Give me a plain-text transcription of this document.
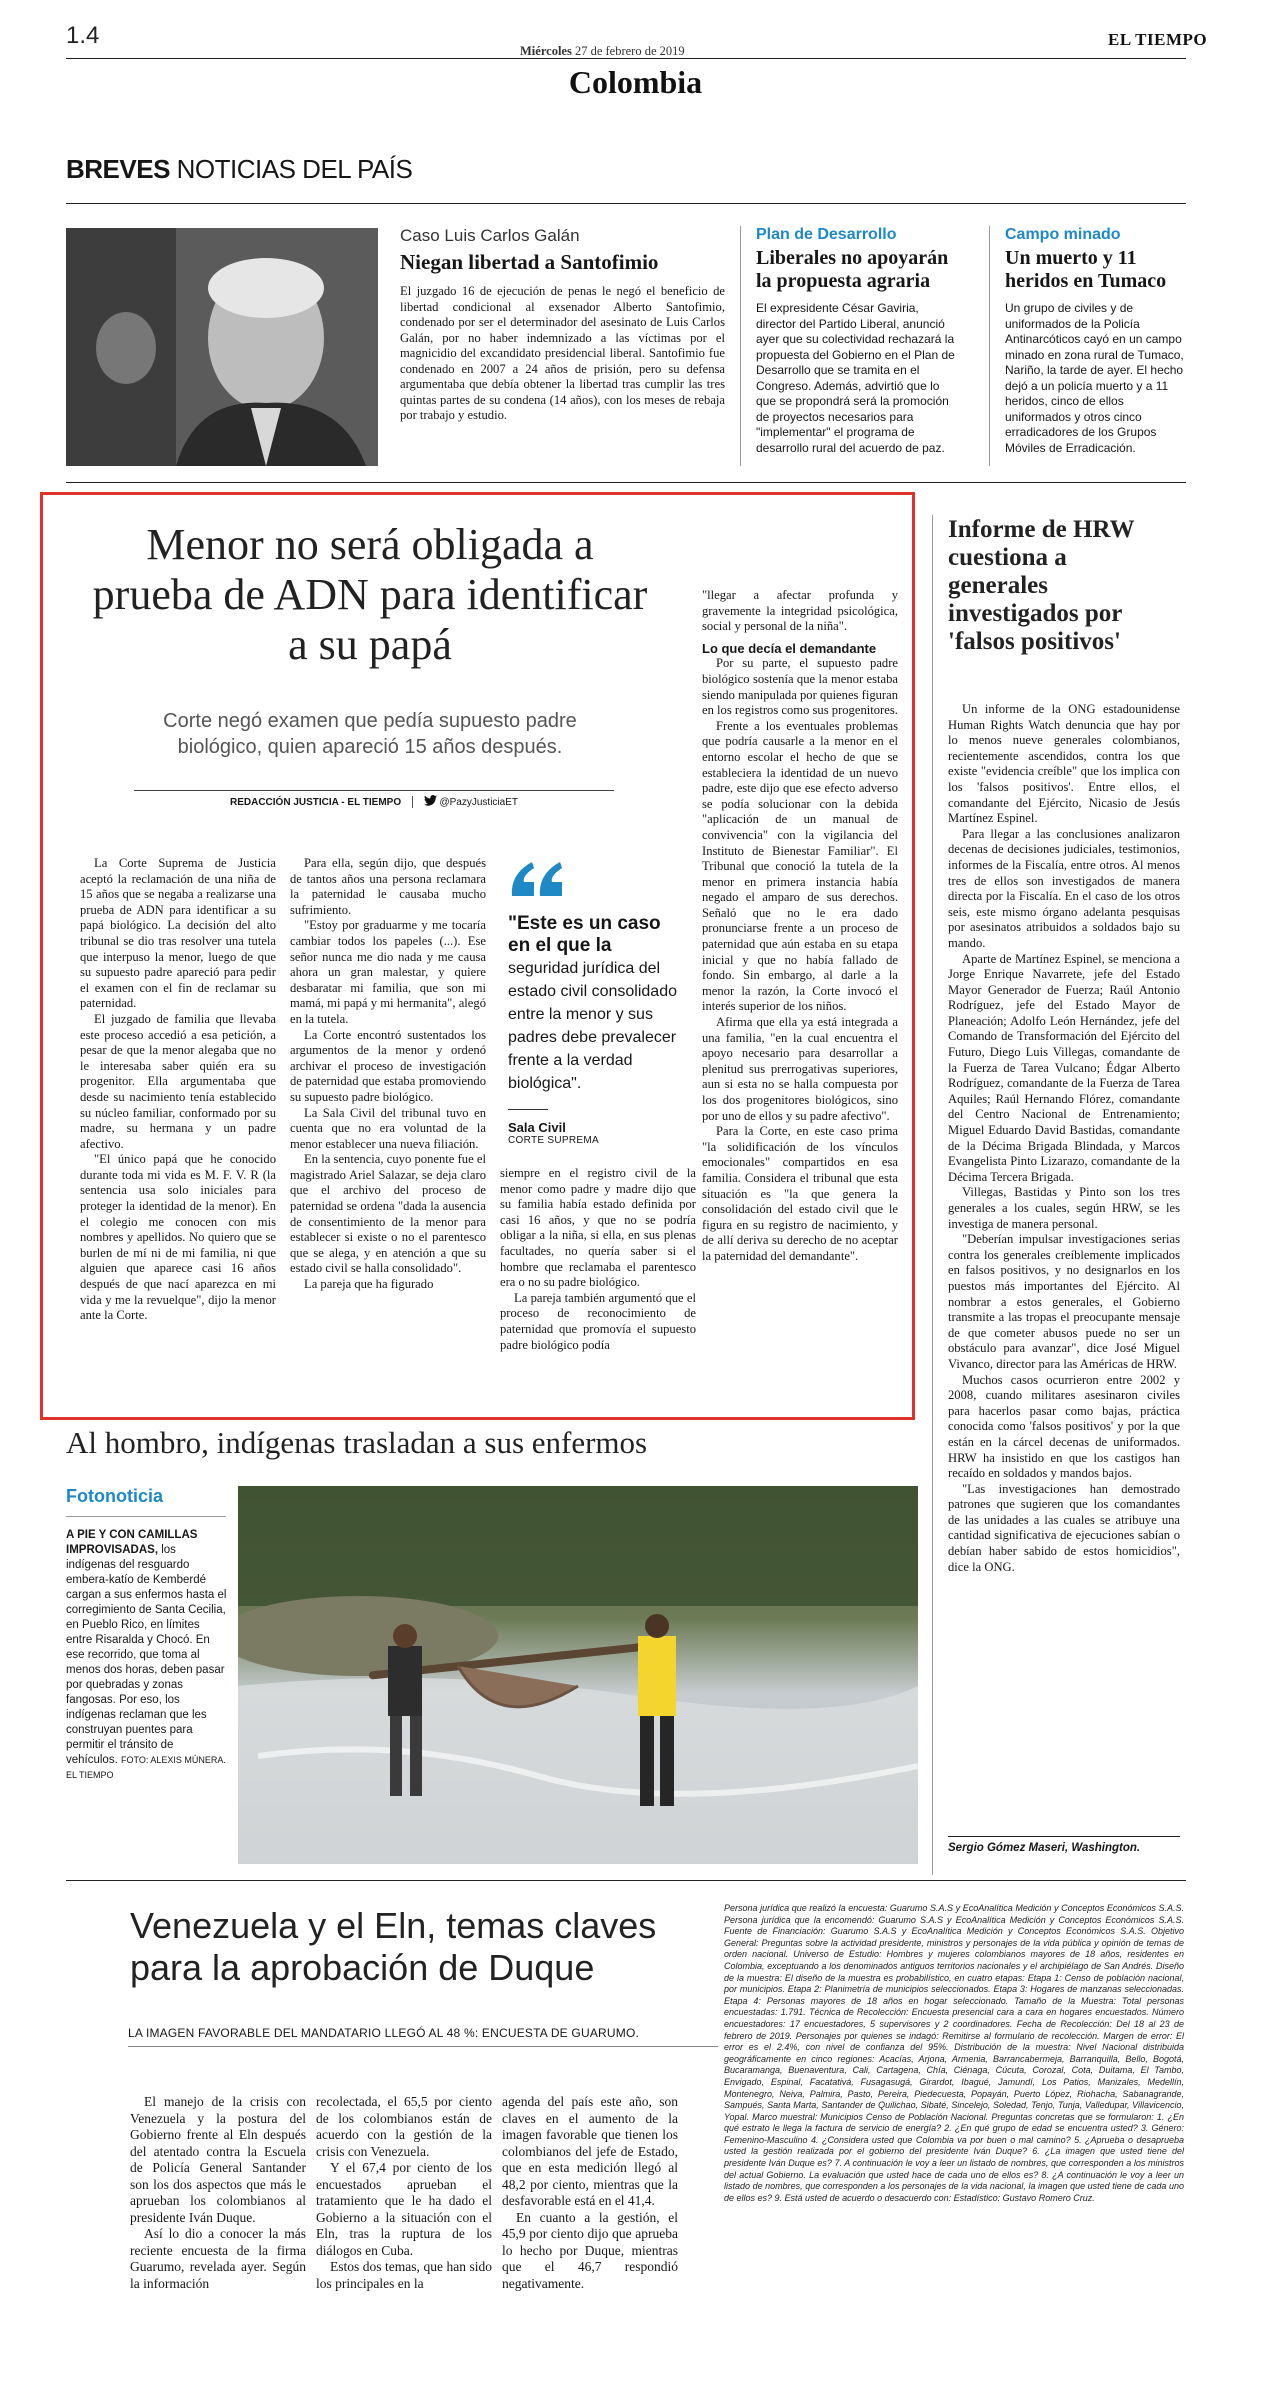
1.4
Miércoles 27 de febrero de 2019
Colombia
EL TIEMPO
BREVES NOTICIAS DEL PAÍS
Caso Luis Carlos Galán
Niegan libertad a Santofimio
El juzgado 16 de ejecución de penas le negó el beneficio de libertad condicional al exsenador Alberto Santofimio, condenado por ser el determinador del asesinato de Luis Carlos Galán, por no haber indemnizado a las víctimas por el magnicidio del excandidato presidencial liberal. Santofimio fue condenado en 2007 a 24 años de prisión, pero su defensa argumentaba que debía obtener la libertad tras cumplir las tres quintas partes de su condena (14 años), con los meses de rebaja por trabajo y estudio.
Plan de Desarrollo
Liberales no apoyarán la propuesta agraria
El expresidente César Gaviria, director del Partido Liberal, anunció ayer que su colectividad rechazará la propuesta del Gobierno en el Plan de Desarrollo que se tramita en el Congreso. Además, advirtió que lo que se propondrá será la promoción de proyectos necesarios para "implementar" el programa de desarrollo rural del acuerdo de paz.
Campo minado
Un muerto y 11 heridos en Tumaco
Un grupo de civiles y de uniformados de la Policía Antinarcóticos cayó en un campo minado en zona rural de Tumaco, Nariño, la tarde de ayer. El hecho dejó a un policía muerto y a 11 heridos, cinco de ellos uniformados y otros cinco erradicadores de los Grupos Móviles de Erradicación.
Menor no será obligada a prueba de ADN para identificar a su papá
Corte negó examen que pedía supuesto padre biológico, quien apareció 15 años después.
REDACCIÓN JUSTICIA - EL TIEMPO	@PazyJusticiaET

La Corte Suprema de Justicia aceptó la reclamación de una niña de 15 años que se negaba a realizarse una prueba de ADN para identificar a su papá biológico. La decisión del alto tribunal se dio tras resolver una tutela que interpuso la menor, luego de que su supuesto padre apareció para pedir el examen con el fin de reclamar su paternidad.

El juzgado de familia que llevaba este proceso accedió a esa petición, a pesar de que la menor alegaba que no le interesaba saber quién era su progenitor. Ella argumentaba que desde su nacimiento tenía establecido su núcleo familiar, conformado por su madre, su hermana y un padre afectivo.

"El único papá que he conocido durante toda mi vida es M. F. V. R (la sentencia usa solo iniciales para proteger la identidad de la menor). En el colegio me conocen con mis nombres y apellidos. No quiero que se burlen de mí ni de mi familia, ni que alguien que aparece casi 16 años después de que nací aparezca en mi vida y me la revuelque", dijo la menor ante la Corte.

Para ella, según dijo, que después de tantos años una persona reclamara la paternidad le causaba mucho sufrimiento.

"Estoy por graduarme y me tocaría cambiar todos los papeles (...). Ese señor nunca me dio nada y me causa ahora un gran malestar, y quiere desbaratar mi familia, que son mi mamá, mi papá y mi hermanita", alegó en la tutela.

La Corte encontró sustentados los argumentos de la menor y ordenó archivar el proceso de investigación de paternidad que estaba promoviendo su supuesto padre biológico.

La Sala Civil del tribunal tuvo en cuenta que no era voluntad de la menor establecer una nueva filiación.

En la sentencia, cuyo ponente fue el magistrado Ariel Salazar, se deja claro que el archivo del proceso de paternidad se ordena "dada la ausencia de consentimiento de la menor para establecer si existe o no el parentesco que se alega, y en atención a que su estado civil se halla consolidado".

La pareja que ha figurado

"Este es un caso en el que la
seguridad jurídica del estado civil consolidado entre la menor y sus padres debe prevalecer frente a la verdad biológica".
Sala Civil
CORTE SUPREMA

siempre en el registro civil de la menor como padre y madre dijo que su familia había estado definida por casi 16 años, y que no se podría obligar a la niña, si ella, en sus plenas facultades, no quería saber si el hombre que reclamaba el parentesco era o no su padre biológico.

La pareja también argumentó que el proceso de reconocimiento de paternidad que promovía el supuesto padre biológico podía

"llegar a afectar profunda y gravemente la integridad psicológica, social y personal de la niña".

Lo que decía el demandante

Por su parte, el supuesto padre biológico sostenía que la menor estaba siendo manipulada por quienes figuran en los registros como sus progenitores.

Frente a los eventuales problemas que podría causarle a la menor en el entorno escolar el hecho de que se estableciera la identidad de un nuevo padre, este dijo que ese efecto adverso se podía solucionar con la debida "aplicación de un manual de convivencia" con la vigilancia del Instituto de Bienestar Familiar". El Tribunal que conoció la tutela de la menor en primera instancia había negado el amparo de sus derechos. Señaló que no le era dado pronunciarse frente a un proceso de paternidad que aún estaba en su etapa inicial y que no había fallado de fondo. Sin embargo, al darle a la menor la razón, la Corte invocó el interés superior de los niños.

Afirma que ella ya está integrada a una familia, "en la cual encuentra el apoyo necesario para desarrollar a plenitud sus prerrogativas superiores, aun si esta no se halla compuesta por los dos progenitores biológicos, sino por uno de ellos y su padre afectivo".

Para la Corte, en este caso prima "la solidificación de los vínculos emocionales" compartidos en esa familia. Considera el tribunal que esta situación es "la que genera la consolidación del estado civil que le figura en su registro de nacimiento, y de allí deriva su derecho de no aceptar la paternidad del demandante".

Informe de HRW cuestiona a generales investigados por 'falsos positivos'

Un informe de la ONG estadounidense Human Rights Watch denuncia que hay por lo menos nueve generales colombianos, recientemente ascendidos, contra los que existe "evidencia creíble" que los implica con los 'falsos positivos'. Entre ellos, el comandante del Ejército, Nicasio de Jesús Martínez Espinel.

Para llegar a las conclusiones analizaron decenas de decisiones judiciales, testimonios, informes de la Fiscalía, entre otros. Al menos tres de ellos son investigados de manera directa por la Fiscalía. En el caso de los otros seis, este mismo órgano adelanta pesquisas por asesinatos atribuidos a soldados bajo su mando.

Aparte de Martínez Espinel, se menciona a Jorge Enrique Navarrete, jefe del Estado Mayor Generador de Fuerza; Raúl Antonio Rodríguez, jefe del Estado Mayor de Planeación; Adolfo León Hernández, jefe del Comando de Transformación del Ejército del Futuro, Diego Luis Villegas, comandante de la Fuerza de Tarea Vulcano; Édgar Alberto Rodríguez, comandante de la Fuerza de Tarea Aquiles; Raúl Hernando Flórez, comandante del Centro Nacional de Entrenamiento; Miguel Eduardo David Bastidas, comandante de la Décima Brigada Blindada, y Marcos Evangelista Pinto Lizarazo, comandante de la Décima Tercera Brigada.

Villegas, Bastidas y Pinto son los tres generales a los cuales, según HRW, se les investiga de manera personal.

"Deberían impulsar investigaciones serias contra los generales creíblemente implicados en falsos positivos, y no designarlos en los puestos más importantes del Ejército. Al nombrar a estos generales, el Gobierno transmite a las tropas el preocupante mensaje de que cometer abusos puede no ser un obstáculo para avanzar", dice José Miguel Vivanco, director para las Américas de HRW.

Muchos casos ocurrieron entre 2002 y 2008, cuando militares asesinaron civiles para hacerlos pasar como bajas, práctica conocida como 'falsos positivos' y por la que están en la cárcel decenas de uniformados. HRW ha insistido en que los castigos han recaído en soldados y mandos bajos.

"Las investigaciones han demostrado patrones que sugieren que los comandantes de las unidades a las cuales se atribuye una cantidad significativa de ejecuciones sabían o debían haber sabido de estos homicidios", dice la ONG.

Sergio Gómez Maseri, Washington.
Al hombro, indígenas trasladan a sus enfermos
Fotonoticia
A PIE Y CON CAMILLAS IMPROVISADAS, los indígenas del resguardo embera-katío de Kemberdé cargan a sus enfermos hasta el corregimiento de Santa Cecilia, en Pueblo Rico, en límites entre Risaralda y Chocó. En ese recorrido, que toma al menos dos horas, deben pasar por quebradas y zonas fangosas. Por eso, los indígenas reclaman que les construyan puentes para permitir el tránsito de vehículos. FOTO: ALEXIS MÚNERA. EL TIEMPO
Venezuela y el Eln, temas claves para la aprobación de Duque
LA IMAGEN FAVORABLE DEL MANDATARIO LLEGÓ AL 48 %: ENCUESTA DE GUARUMO.

El manejo de la crisis con Venezuela y la postura del Gobierno frente al Eln después del atentado contra la Escuela de Policía General Santander son los dos aspectos que más le aprueban los colombianos al presidente Iván Duque.

Así lo dio a conocer la más reciente encuesta de la firma Guarumo, revelada ayer. Según la información

recolectada, el 65,5 por ciento de los colombianos están de acuerdo con la gestión de la crisis con Venezuela.

Y el 67,4 por ciento de los encuestados aprueban el tratamiento que le ha dado el Gobierno a la situación con el Eln, tras la ruptura de los diálogos en Cuba.

Estos dos temas, que han sido los principales en la

agenda del país este año, son claves en el aumento de la imagen favorable que tienen los colombianos del jefe de Estado, que en esta medición llegó al 48,2 por ciento, mientras que la desfavorable está en el 41,4.

En cuanto a la gestión, el 45,9 por ciento dijo que aprueba lo hecho por Duque, mientras que el 46,7 respondió negativamente.

Persona jurídica que realizó la encuesta: Guarumo S.A.S y EcoAnalítica Medición y Conceptos Económicos S.A.S. Persona jurídica que la encomendó: Guarumo S.A.S y EcoAnalítica Medición y Conceptos Económicos S.A.S. Fuente de Financiación: Guarumo S.A.S y EcoAnalítica Medición y Conceptos Económicos S.A.S. Objetivo General: Preguntas sobre la actividad presidente, ministros y personajes de la vida pública y opinión de temas de orden nacional. Universo de Estudio: Hombres y mujeres colombianos mayores de 18 años, residentes en Colombia, exceptuando a los denominados antiguos territorios nacionales y el archipiélago de San Andrés. Diseño de la muestra: El diseño de la muestra es probabilístico, en cuatro etapas: Etapa 1: Censo de población nacional, por municipios. Etapa 2: Planimetría de municipios seleccionados. Etapa 3: Hogares de manzanas seleccionadas. Etapa 4: Personas mayores de 18 años en hogar seleccionado. Tamaño de la Muestra: Total personas encuestadas: 1.791. Técnica de Recolección: Encuesta presencial cara a cara en hogares encuestados. Número encuestadores: 17 encuestadores, 5 supervisores y 2 coordinadores. Fecha de Recolección: Del 18 al 23 de febrero de 2019. Personajes por quienes se indagó: Remitirse al formulario de recolección. Margen de error: El error es el 2.4%, con nivel de confianza del 95%. Distribución de la muestra: Nivel Nacional distribuida geográficamente en cinco regiones: Acacías, Arjona, Armenia, Barrancabermeja, Barranquilla, Bello, Bogotá, Bucaramanga, Buenaventura, Cali, Cartagena, Chía, Ciénaga, Cúcuta, Corozal, Cota, Duitama, El Tambo, Envigado, Espinal, Facatativá, Fusagasugá, Girardot, Ibagué, Jamundí, Los Patios, Manizales, Medellín, Montenegro, Neiva, Palmira, Pasto, Pereira, Piedecuesta, Popayán, Puerto López, Riohacha, Sabanagrande, Sampués, Santa Marta, Santander de Quilichao, Sibaté, Sincelejo, Soledad, Tenjo, Tunja, Valledupar, Villavicencio, Yopal. Marco muestral: Municipios Censo de Población Nacional. Preguntas concretas que se formularon: 1. ¿En qué estrato le llega la factura de servicio de energía? 2. ¿En qué grupo de edad se encuentra usted? 3. Género: Femenino-Masculino 4. ¿Considera usted que Colombia va por buen o mal camino? 5. ¿Aprueba o desaprueba usted la gestión realizada por el gobierno del presidente Iván Duque? 6. ¿La imagen que usted tiene del presidente Iván Duque es? 7. A continuación le voy a leer un listado de nombres, que corresponden a los ministros del actual Gobierno. La evaluación que usted hace de cada uno de ellos es? 8. ¿A continuación le voy a leer un listado de nombres, que corresponden a los personajes de la vida nacional, la imagen que usted tiene de cada uno de ellos es? 9. Está usted de acuerdo o desacuerdo con: Estadístico: Gustavo Romero Cruz.
